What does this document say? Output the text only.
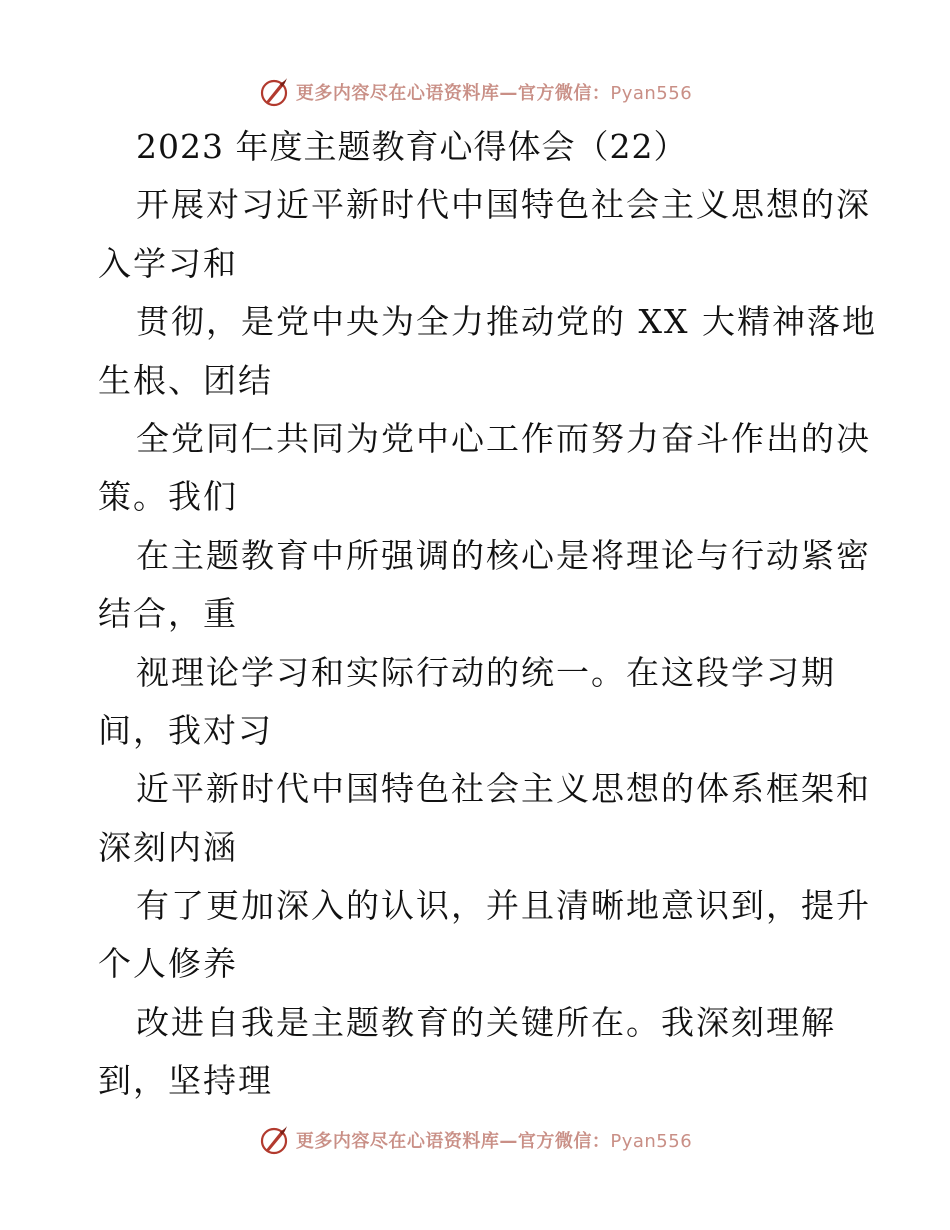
更多内容尽在心语资料库—官方微信：Pyan556
2023 年度主题教育心得体会（22）
开展对习近平新时代中国特色社会主义思想的深
入学习和
贯彻，是党中央为全力推动党的 XX 大精神落地
生根、团结
全党同仁共同为党中心工作而努力奋斗作出的决
策。我们
在主题教育中所强调的核心是将理论与行动紧密
结合，重
视理论学习和实际行动的统一。在这段学习期
间，我对习
近平新时代中国特色社会主义思想的体系框架和
深刻内涵
有了更加深入的认识，并且清晰地意识到，提升
个人修养
改进自我是主题教育的关键所在。我深刻理解
到，坚持理
更多内容尽在心语资料库—官方微信：Pyan556
